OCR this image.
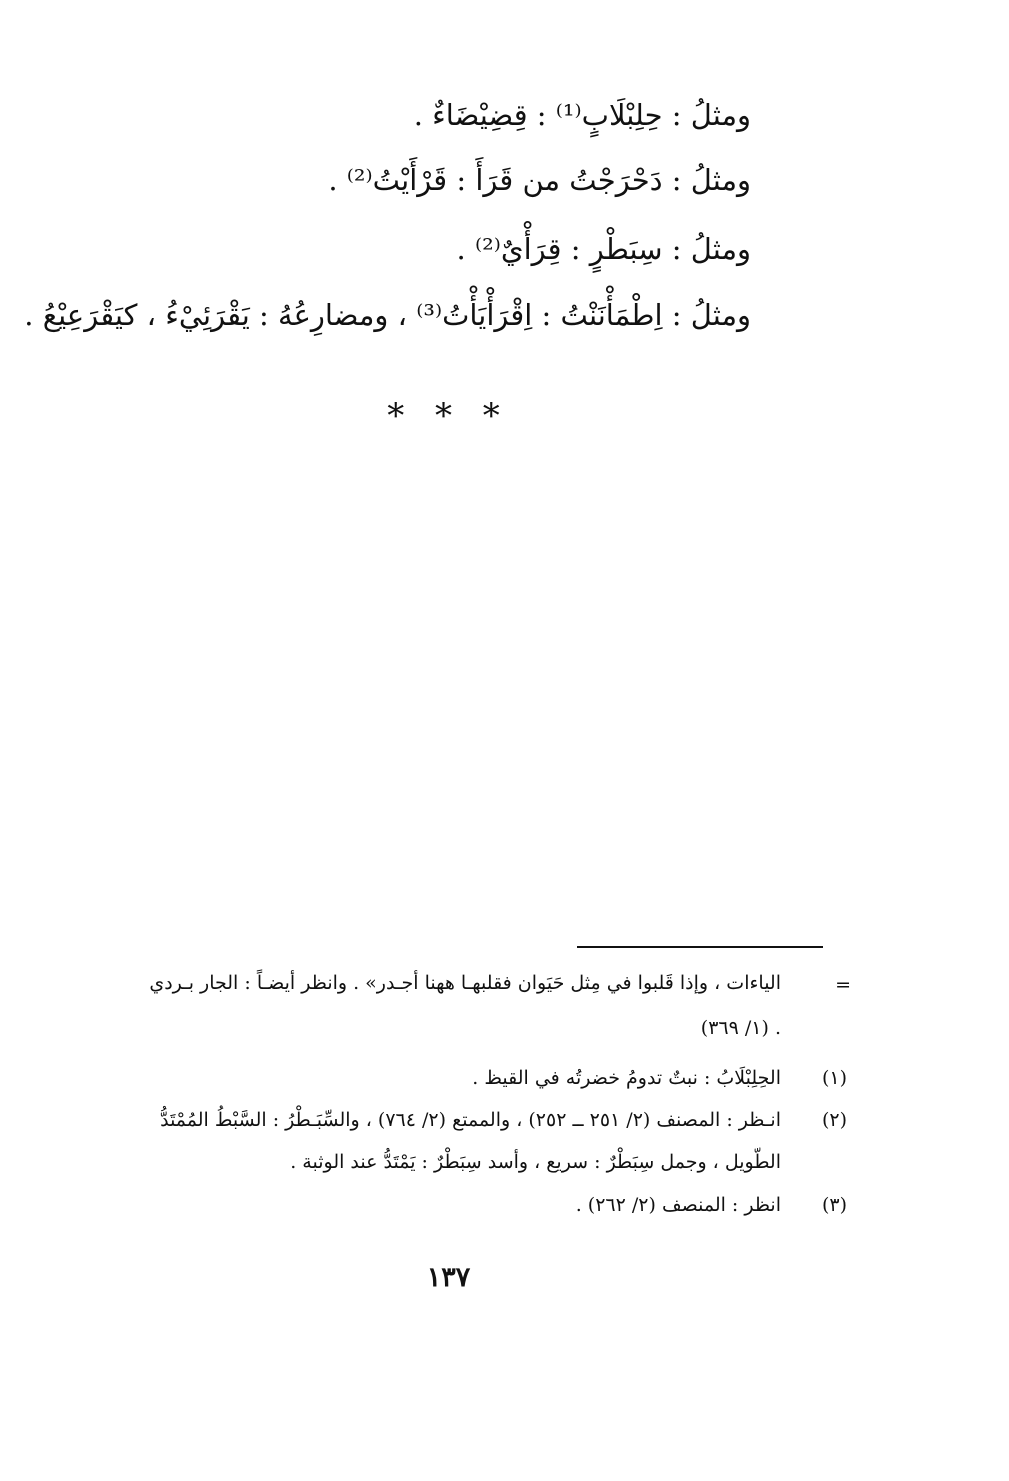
ومثلُ : حِلِبْلَابٍ⁽¹⁾ : قِضِيْضَاءٌ .

ومثلُ : دَحْرَجْتُ من قَرَأَ : قَرْأَيْتُ⁽²⁾ .

ومثلُ : سِبَطْرٍ : قِرَأْيٌ⁽²⁾ .

ومثلُ : اِطْمَأْنَنْتُ : اِقْرَأْيَأْتُ⁽³⁾ ، ومضارِعُهُ : يَقْرَئِيْءُ ، كيَقْرَعِيْعُ .

* * *

=

الياءات ، وإذا قَلبوا في مِثل حَيَوان فقلبهـا ههنا أجـدر» . وانظر أيضـاً : الجار بـردي

(١/ ٣٦٩) .

(١)

الحِلِبْلَابُ : نبتٌ تدومُ خضرتُه في القيظ .

(٢)

انـظر : المصنف (٢/ ٢٥١ ــ ٢٥٢) ، والممتع (٢/ ٧٦٤) ، والسِّبَـطْرُ : السَّبْطُ المُمْتَدُّ

الطّويل ، وجمل سِبَطْرٌ : سريع ، وأسد سِبَطْرٌ : يَمْتَدُّ عند الوثبة .

(٣)

انظر : المنصف (٢/ ٢٦٢) .

١٣٧
